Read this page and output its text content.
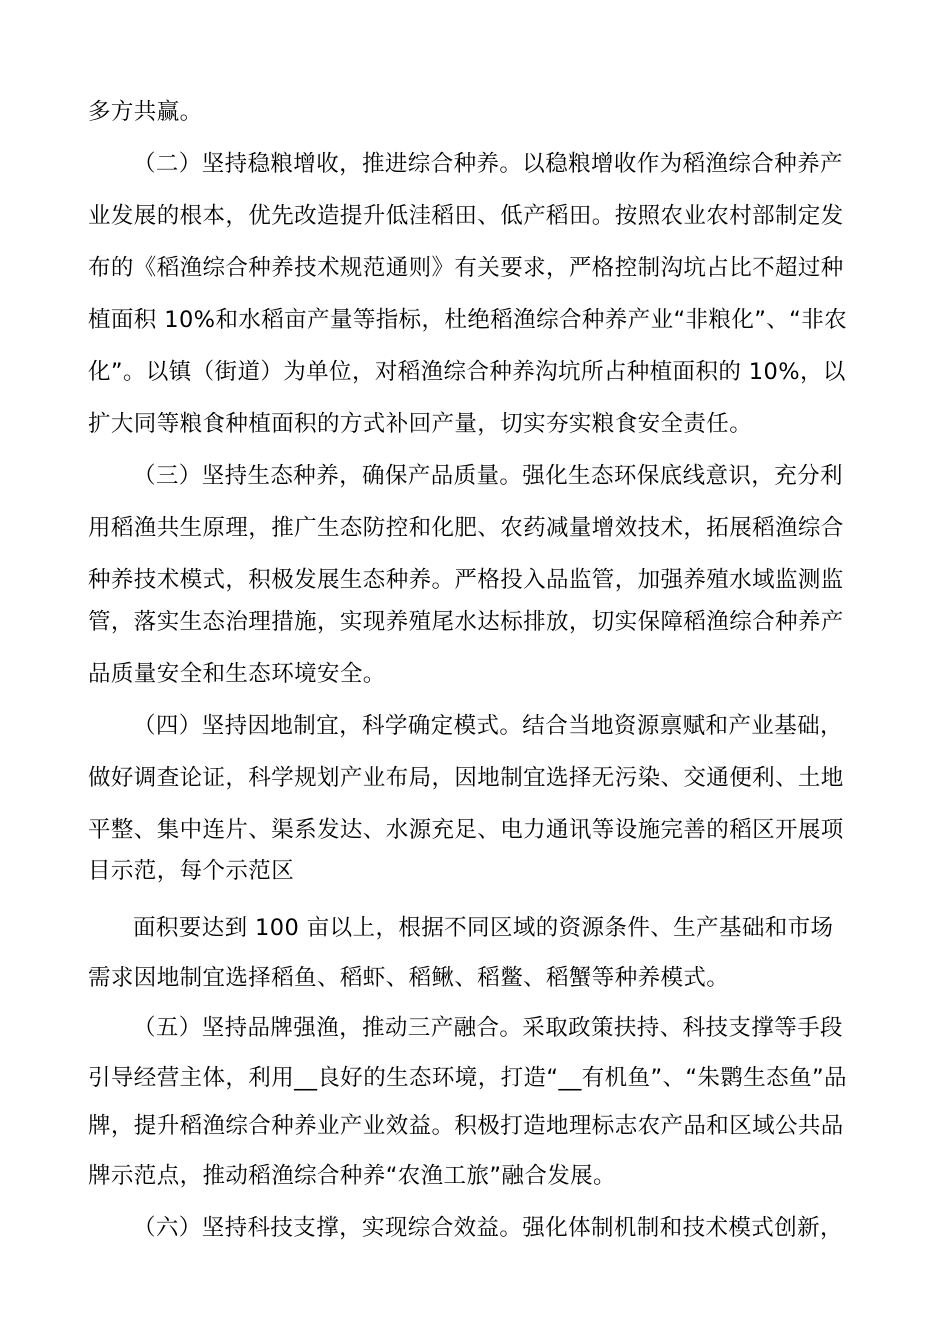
多方共赢。
（二）坚持稳粮增收，推进综合种养。以稳粮增收作为稻渔综合种养产
业发展的根本，优先改造提升低洼稻田、低产稻田。按照农业农村部制定发
布的《稻渔综合种养技术规范通则》有关要求，严格控制沟坑占比不超过种
植面积 10%和水稻亩产量等指标，杜绝稻渔综合种养产业“非粮化”、“非农
化”。以镇（街道）为单位，对稻渔综合种养沟坑所占种植面积的 10%，以
扩大同等粮食种植面积的方式补回产量，切实夯实粮食安全责任。
（三）坚持生态种养，确保产品质量。强化生态环保底线意识，充分利
用稻渔共生原理，推广生态防控和化肥、农药减量增效技术，拓展稻渔综合
种养技术模式，积极发展生态种养。严格投入品监管，加强养殖水域监测监
管，落实生态治理措施，实现养殖尾水达标排放，切实保障稻渔综合种养产
品质量安全和生态环境安全。
（四）坚持因地制宜，科学确定模式。结合当地资源禀赋和产业基础，
做好调查论证，科学规划产业布局，因地制宜选择无污染、交通便利、土地
平整、集中连片、渠系发达、水源充足、电力通讯等设施完善的稻区开展项
目示范，每个示范区
面积要达到 100 亩以上，根据不同区域的资源条件、生产基础和市场
需求因地制宜选择稻鱼、稻虾、稻鳅、稻鳖、稻蟹等种养模式。
（五）坚持品牌强渔，推动三产融合。采取政策扶持、科技支撑等手段
引导经营主体，利用__良好的生态环境，打造“__有机鱼”、“朱鹮生态鱼”品
牌，提升稻渔综合种养业产业效益。积极打造地理标志农产品和区域公共品
牌示范点，推动稻渔综合种养“农渔工旅”融合发展。
（六）坚持科技支撑，实现综合效益。强化体制机制和技术模式创新，
